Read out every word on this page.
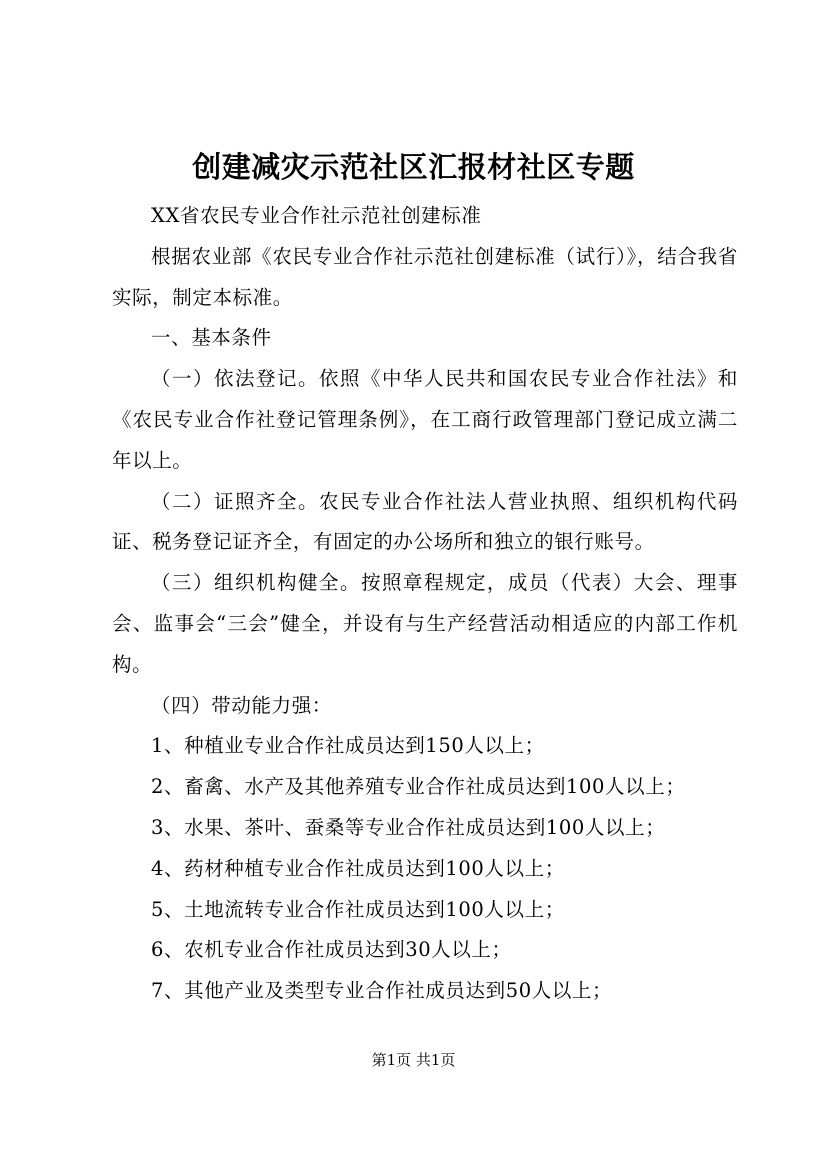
创建减灾示范社区汇报材社区专题

XX省农民专业合作社示范社创建标准

根据农业部《农民专业合作社示范社创建标准（试行）》，结合我省实际，制定本标准。

一、基本条件

（一）依法登记。依照《中华人民共和国农民专业合作社法》和《农民专业合作社登记管理条例》，在工商行政管理部门登记成立满二年以上。

（二）证照齐全。农民专业合作社法人营业执照、组织机构代码证、税务登记证齐全，有固定的办公场所和独立的银行账号。

（三）组织机构健全。按照章程规定，成员（代表）大会、理事会、监事会“三会”健全，并设有与生产经营活动相适应的内部工作机构。

（四）带动能力强：

1、种植业专业合作社成员达到150人以上；

2、畜禽、水产及其他养殖专业合作社成员达到100人以上；

3、水果、茶叶、蚕桑等专业合作社成员达到100人以上；

4、药材种植专业合作社成员达到100人以上；

5、土地流转专业合作社成员达到100人以上；

6、农机专业合作社成员达到30人以上；

7、其他产业及类型专业合作社成员达到50人以上；

第1页 共1页
